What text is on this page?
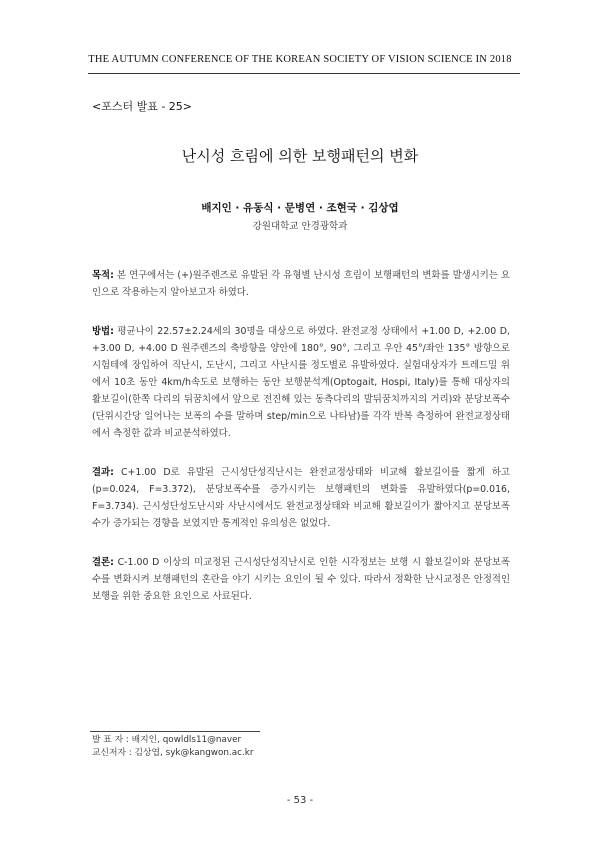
THE AUTUMN CONFERENCE OF THE KOREAN SOCIETY OF VISION SCIENCE IN 2018
<포스터 발표 - 25>
난시성 흐림에 의한 보행패턴의 변화
배지인 · 유동식 · 문병연 · 조현국 · 김상엽
강원대학교 안경광학과

목적: 본 연구에서는 (+)원주렌즈로 유발된 각 유형별 난시성 흐림이 보행패턴의 변화를 발생시키는 요인으로 작용하는지 알아보고자 하였다.

방법: 평균나이 22.57±2.24세의 30명을 대상으로 하였다. 완전교정 상태에서 +1.00 D, +2.00 D, +3.00 D, +4.00 D 원주렌즈의 축방향을 양안에 180°, 90°, 그리고 우안 45°/좌안 135° 방향으로 시험테에 장입하여 직난시, 도난시, 그리고 사난시를 정도별로 유발하였다. 실험대상자가 트레드밀 위에서 10초 동안 4km/h속도로 보행하는 동안 보행분석계(Optogait, Hospi, Italy)를 통해 대상자의 활보길이(한쪽 다리의 뒤꿈치에서 앞으로 전진해 있는 동측다리의 발뒤꿈치까지의 거리)와 분당보폭수(단위시간당 일어나는 보폭의 수를 말하며 step/min으로 나타남)를 각각 반복 측정하여 완전교정상태에서 측정한 값과 비교분석하였다.

결과: C+1.00 D로 유발된 근시성단성직난시는 완전교정상태와 비교해 활보길이를 짧게 하고(p=0.024, F=3.372), 분당보폭수를 증가시키는 보행패턴의 변화를 유발하였다(p=0.016, F=3.734). 근시성단성도난시와 사난시에서도 완전교정상태와 비교해 활보길이가 짧아지고 분당보폭수가 증가되는 경향을 보였지만 통계적인 유의성은 없었다.

결론: C-1.00 D 이상의 미교정된 근시성단성직난시로 인한 시각정보는 보행 시 활보길이와 분당보폭수를 변화시켜 보행패턴의 혼란을 야기 시키는 요인이 될 수 있다. 따라서 정확한 난시교정은 안정적인 보행을 위한 중요한 요인으로 사료된다.

발 표 자 : 배지인, qowldls11@naver
교신저자 : 김상엽, syk@kangwon.ac.kr
- 53 -
